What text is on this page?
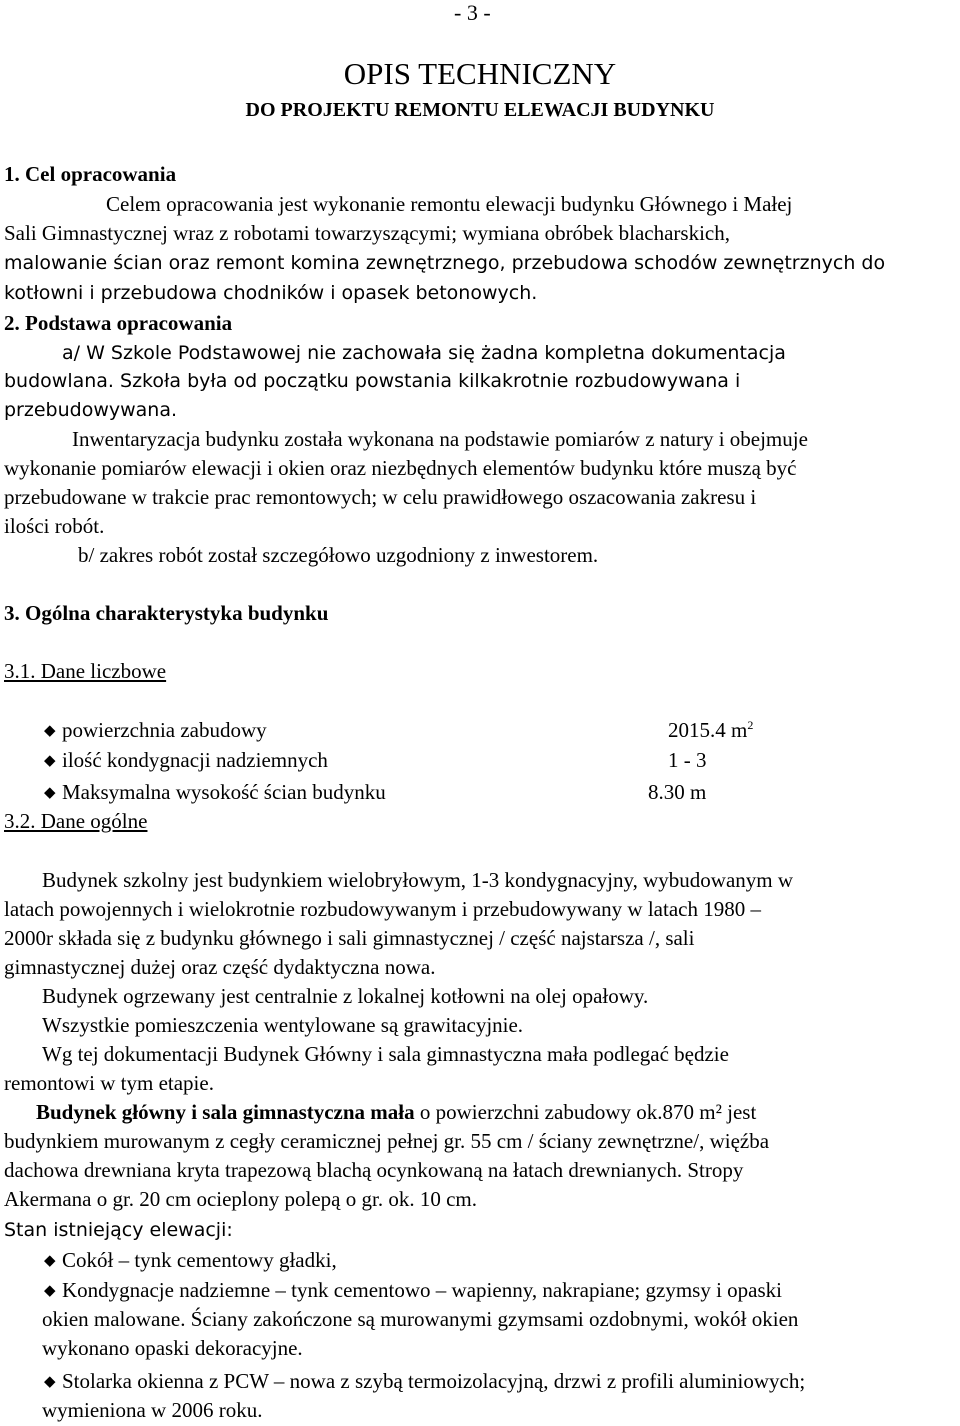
- 3 -
OPIS TECHNICZNY
DO PROJEKTU REMONTU ELEWACJI BUDYNKU
1. Cel opracowania
Celem opracowania jest wykonanie remontu elewacji budynku Głównego i Małej
Sali Gimnastycznej wraz z robotami towarzyszącymi; wymiana obróbek blacharskich,
malowanie ścian oraz remont komina zewnętrznego, przebudowa schodów zewnętrznych do
kotłowni i przebudowa chodników i opasek betonowych.
2. Podstawa opracowania
a/ W Szkole Podstawowej nie zachowała się żadna kompletna dokumentacja
budowlana. Szkoła była od początku powstania kilkakrotnie rozbudowywana i
przebudowywana.
Inwentaryzacja budynku została wykonana na podstawie pomiarów z natury i obejmuje
wykonanie pomiarów elewacji i okien oraz niezbędnych elementów budynku które muszą być
przebudowane w trakcie prac remontowych; w celu prawidłowego oszacowania zakresu i
ilości robót.
b/ zakres robót został szczegółowo uzgodniony z inwestorem.
3. Ogólna charakterystyka budynku
3.1. Dane liczbowe
◆ powierzchnia zabudowy	2015.4 $m^2$
◆ ilość kondygnacji nadziemnych	1 - 3
◆ Maksymalna wysokość ścian budynku	8.30 m
3.2. Dane ogólne
Budynek szkolny jest budynkiem wielobryłowym, 1-3 kondygnacyjny, wybudowanym w
latach powojennych i wielokrotnie rozbudowywanym i przebudowywany w latach 1980 –
2000r składa się z budynku głównego i sali gimnastycznej / część najstarsza /, sali
gimnastycznej dużej oraz część dydaktyczna nowa.
Budynek ogrzewany jest centralnie z lokalnej kotłowni na olej opałowy.
Wszystkie pomieszczenia wentylowane są grawitacyjnie.
Wg tej dokumentacji Budynek Główny i sala gimnastyczna mała podlegać będzie
remontowi w tym etapie.
Budynek główny i sala gimnastyczna mała o powierzchni zabudowy ok.870 m² jest
budynkiem murowanym z cegły ceramicznej pełnej gr. 55 cm / ściany zewnętrzne/, więźba
dachowa drewniana kryta trapezową blachą ocynkowaną na łatach drewnianych. Stropy
Akermana o gr. 20 cm ocieplony polepą o gr. ok. 10 cm.
Stan istniejący elewacji:
◆ Cokół – tynk cementowy gładki,
◆ Kondygnacje nadziemne – tynk cementowo – wapienny, nakrapiane; gzymsy i opaski
okien malowane. Ściany zakończone są murowanymi gzymsami ozdobnymi, wokół okien
wykonano opaski dekoracyjne.
◆ Stolarka okienna z PCW – nowa z szybą termoizolacyjną, drzwi z profili aluminiowych;
wymieniona w 2006 roku.
